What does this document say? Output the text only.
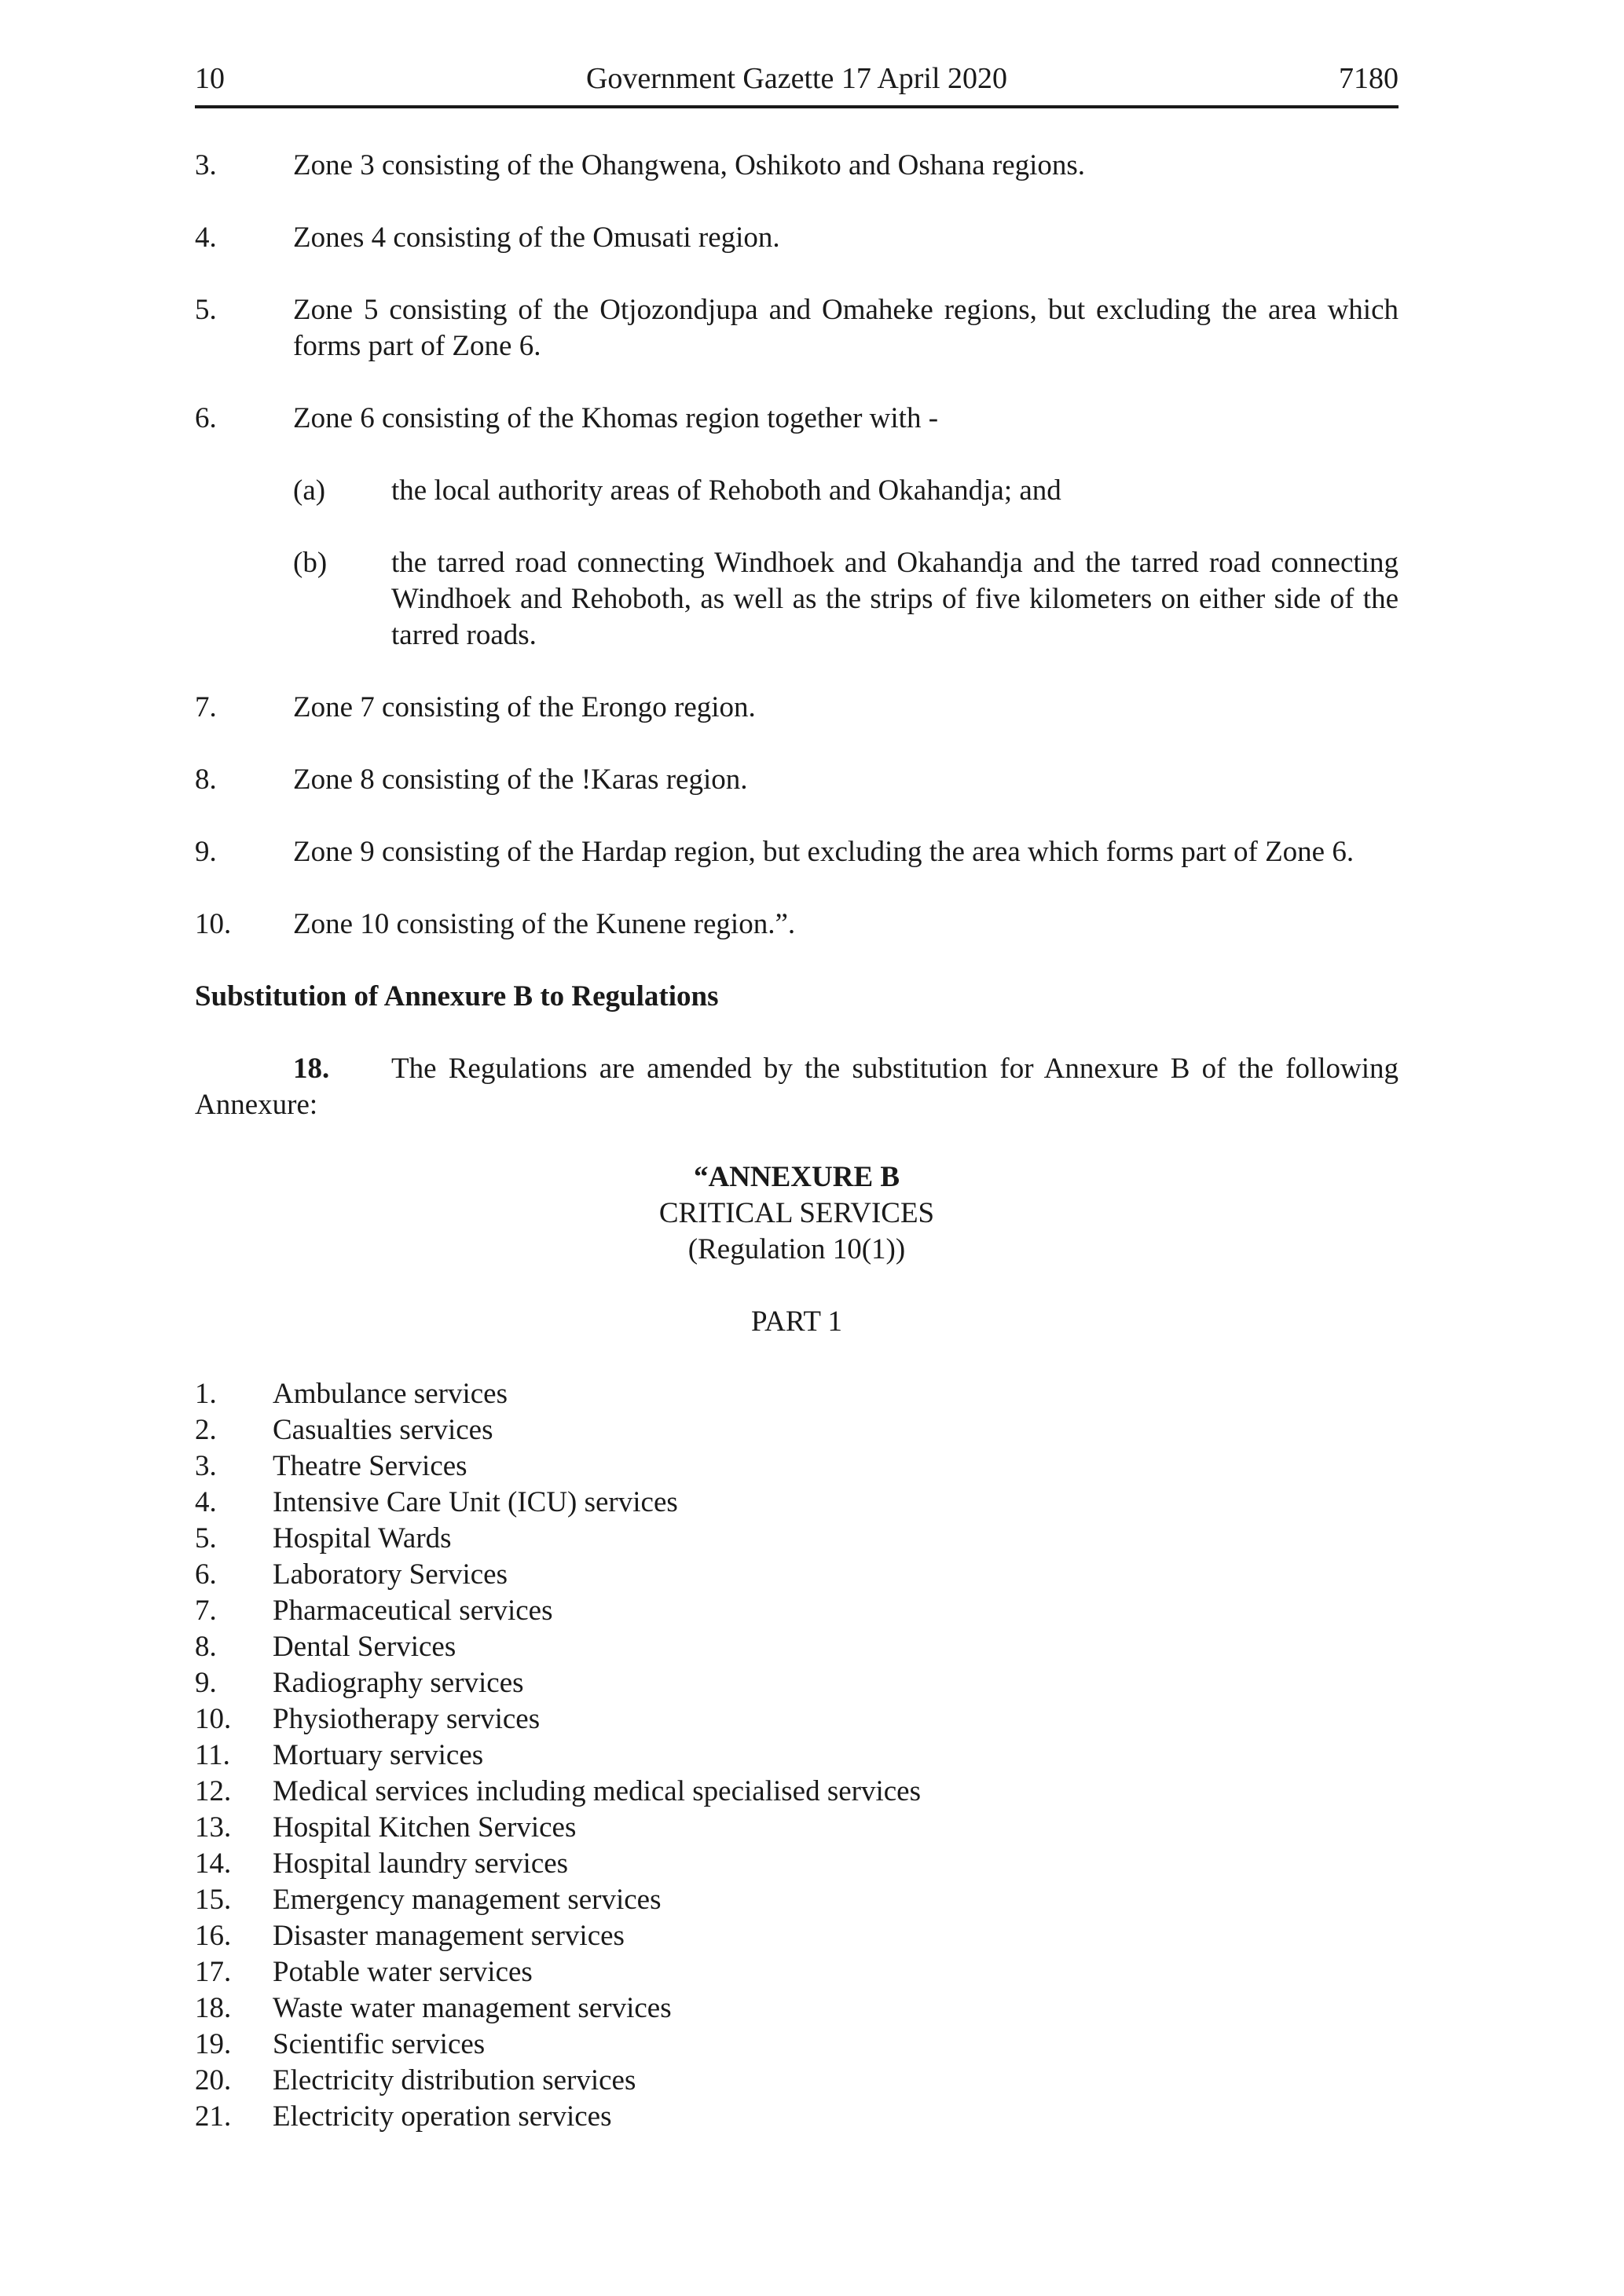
10	Government Gazette 17 April 2020	7180
3.	Zone 3 consisting of the Ohangwena, Oshikoto and Oshana regions.
4.	Zones 4 consisting of the Omusati region.
5.	Zone 5 consisting of the Otjozondjupa and Omaheke regions, but excluding the area which forms part of Zone 6.
6.	Zone 6 consisting of the Khomas region together with -
(a) the local authority areas of Rehoboth and Okahandja; and
(b) the tarred road connecting Windhoek and Okahandja and the tarred road connecting Windhoek and Rehoboth, as well as the strips of five kilometers on either side of the tarred roads.
7.	Zone 7 consisting of the Erongo region.
8.	Zone 8 consisting of the !Karas region.
9.	Zone 9 consisting of the Hardap region, but excluding the area which forms part of Zone 6.
10. Zone 10 consisting of the Kunene region.”.
Substitution of Annexure B to Regulations
18. The Regulations are amended by the substitution for Annexure B of the following
Annexure:
“ANNEXURE B
CRITICAL SERVICES
(Regulation 10(1))
PART 1
1. Ambulance services
2. Casualties services
3. Theatre Services
4. Intensive Care Unit (ICU) services
5. Hospital Wards
6. Laboratory Services
7. Pharmaceutical services
8. Dental Services
9. Radiography services
10. Physiotherapy services
11. Mortuary services
12. Medical services including medical specialised services
13. Hospital Kitchen Services
14. Hospital laundry services
15. Emergency management services
16. Disaster management services
17. Potable water services
18. Waste water management services
19. Scientific services
20. Electricity distribution services
21. Electricity operation services
